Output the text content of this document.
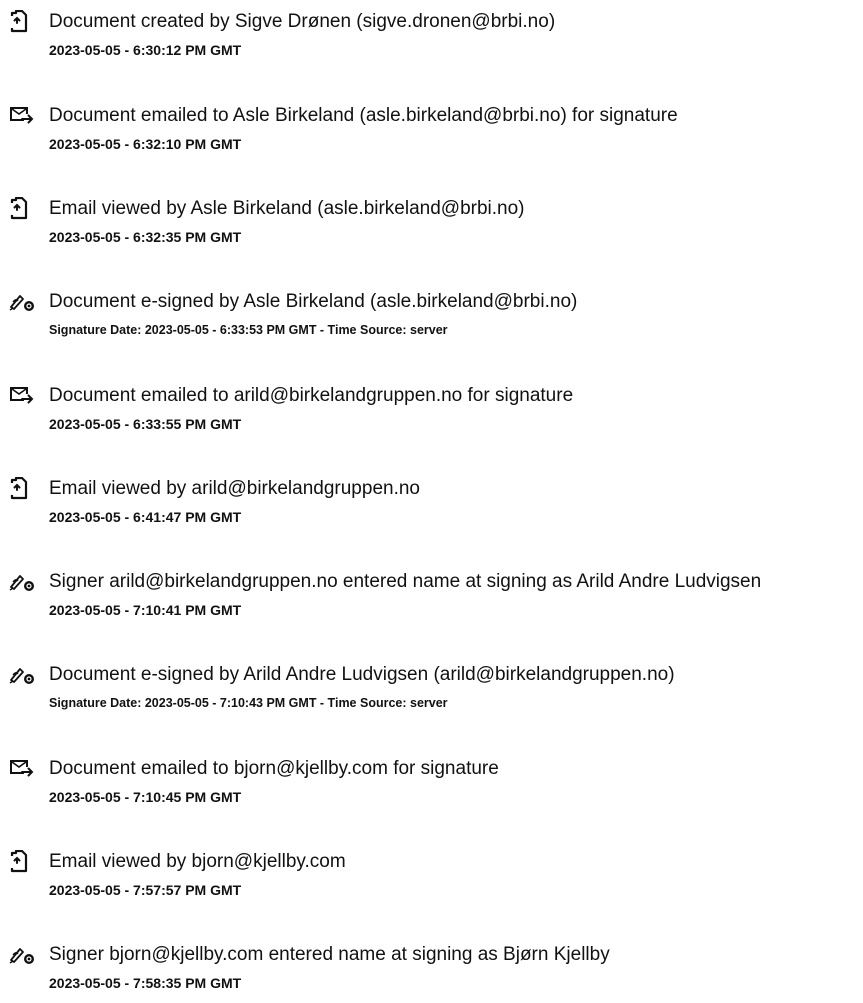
Document created by Sigve Drønen (sigve.dronen@brbi.no)
2023-05-05 - 6:30:12 PM GMT
Document emailed to Asle Birkeland (asle.birkeland@brbi.no) for signature
2023-05-05 - 6:32:10 PM GMT
Email viewed by Asle Birkeland (asle.birkeland@brbi.no)
2023-05-05 - 6:32:35 PM GMT
Document e-signed by Asle Birkeland (asle.birkeland@brbi.no)
Signature Date: 2023-05-05 - 6:33:53 PM GMT - Time Source: server
Document emailed to arild@birkelandgruppen.no for signature
2023-05-05 - 6:33:55 PM GMT
Email viewed by arild@birkelandgruppen.no
2023-05-05 - 6:41:47 PM GMT
Signer arild@birkelandgruppen.no entered name at signing as Arild Andre Ludvigsen
2023-05-05 - 7:10:41 PM GMT
Document e-signed by Arild Andre Ludvigsen (arild@birkelandgruppen.no)
Signature Date: 2023-05-05 - 7:10:43 PM GMT - Time Source: server
Document emailed to bjorn@kjellby.com for signature
2023-05-05 - 7:10:45 PM GMT
Email viewed by bjorn@kjellby.com
2023-05-05 - 7:57:57 PM GMT
Signer bjorn@kjellby.com entered name at signing as Bjørn Kjellby
2023-05-05 - 7:58:35 PM GMT
